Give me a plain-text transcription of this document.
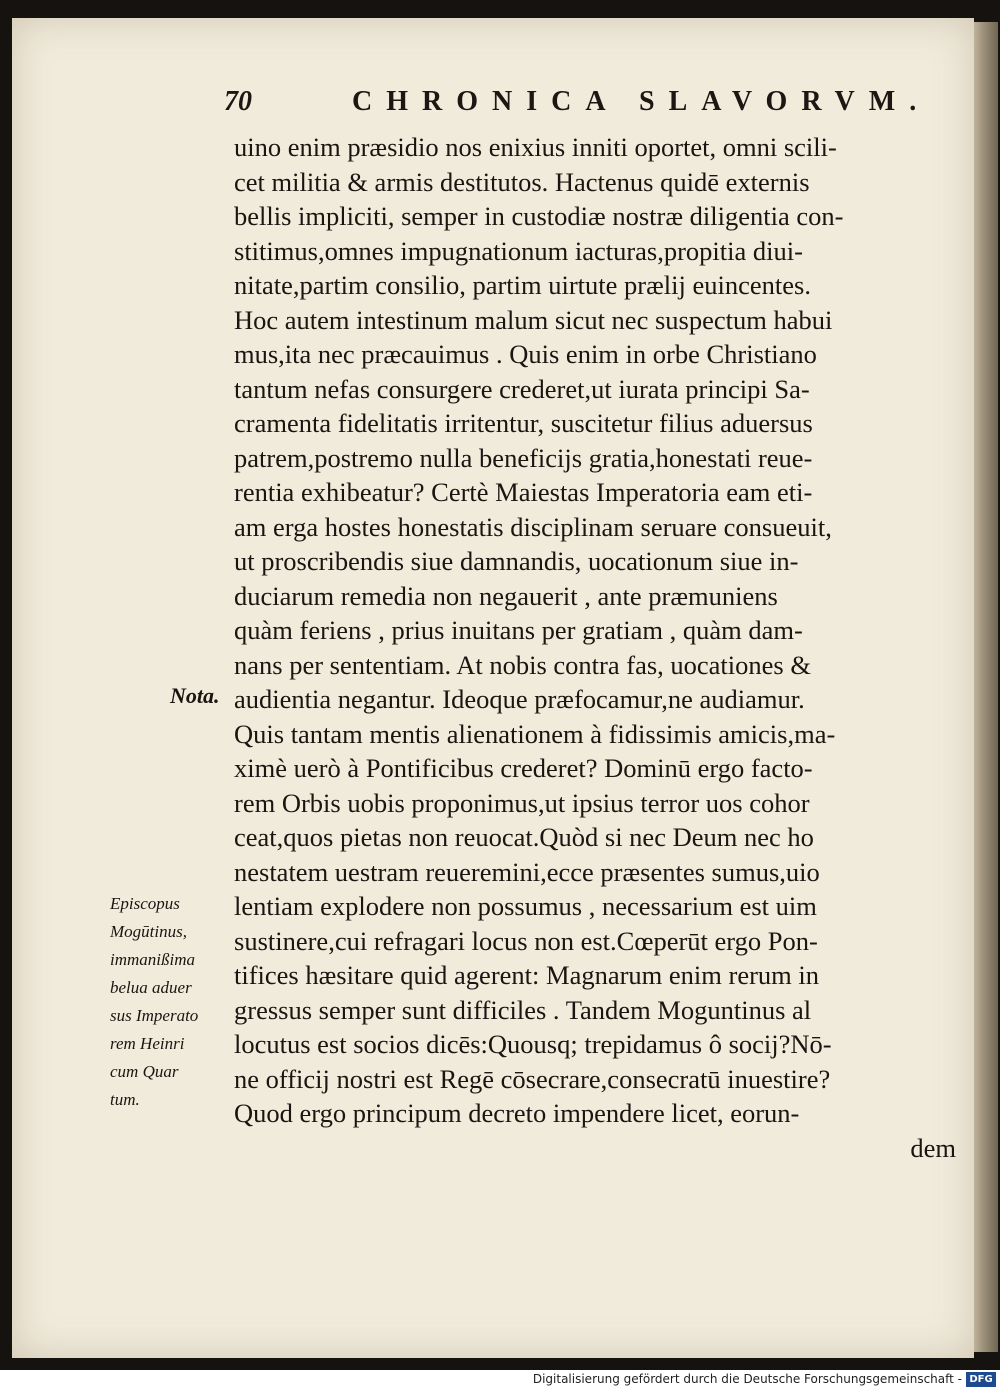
70	CHRONICA SLAVORVM.
Nota.
Episcopus
Mogūtinus,
immanißima
belua aduer
sus Imperato
rem Heinri
cum Quar
tum.
uino enim præsidio nos enixius inniti oportet, omni scili-
cet militia & armis destitutos. Hactenus quidē externis
bellis impliciti, semper in custodiæ nostræ diligentia con-
stitimus,omnes impugnationum iacturas,propitia diui-
nitate,partim consilio, partim uirtute prælij euincentes.
Hoc autem intestinum malum sicut nec suspectum habui
mus,ita nec præcauimus . Quis enim in orbe Christiano
tantum nefas consurgere crederet,ut iurata principi Sa-
cramenta fidelitatis irritentur, suscitetur filius aduersus
patrem,postremo nulla beneficijs gratia,honestati reue-
rentia exhibeatur? Certè Maiestas Imperatoria eam eti-
am erga hostes honestatis disciplinam seruare consueuit,
ut proscribendis siue damnandis, uocationum siue in-
duciarum remedia non negauerit , ante præmuniens
quàm feriens , prius inuitans per gratiam , quàm dam-
nans per sententiam. At nobis contra fas, uocationes &
audientia negantur. Ideoque præfocamur,ne audiamur.
Quis tantam mentis alienationem à fidissimis amicis,ma-
ximè uerò à Pontificibus crederet? Dominū ergo facto-
rem Orbis uobis proponimus,ut ipsius terror uos cohor
ceat,quos pietas non reuocat.Quòd si nec Deum nec ho
nestatem uestram reueremini,ecce præsentes sumus,uio
lentiam explodere non possumus , necessarium est uim
sustinere,cui refragari locus non est.Cœperūt ergo Pon-
tifices hæsitare quid agerent: Magnarum enim rerum in
gressus semper sunt difficiles . Tandem Moguntinus al
locutus est socios dicēs:Quousq; trepidamus ô socij?Nō-
ne officij nostri est Regē cōsecrare,consecratū inuestire?
Quod ergo principum decreto impendere licet, eorun-
dem
Digitalisierung gefördert durch die Deutsche Forschungsgemeinschaft - DFG
